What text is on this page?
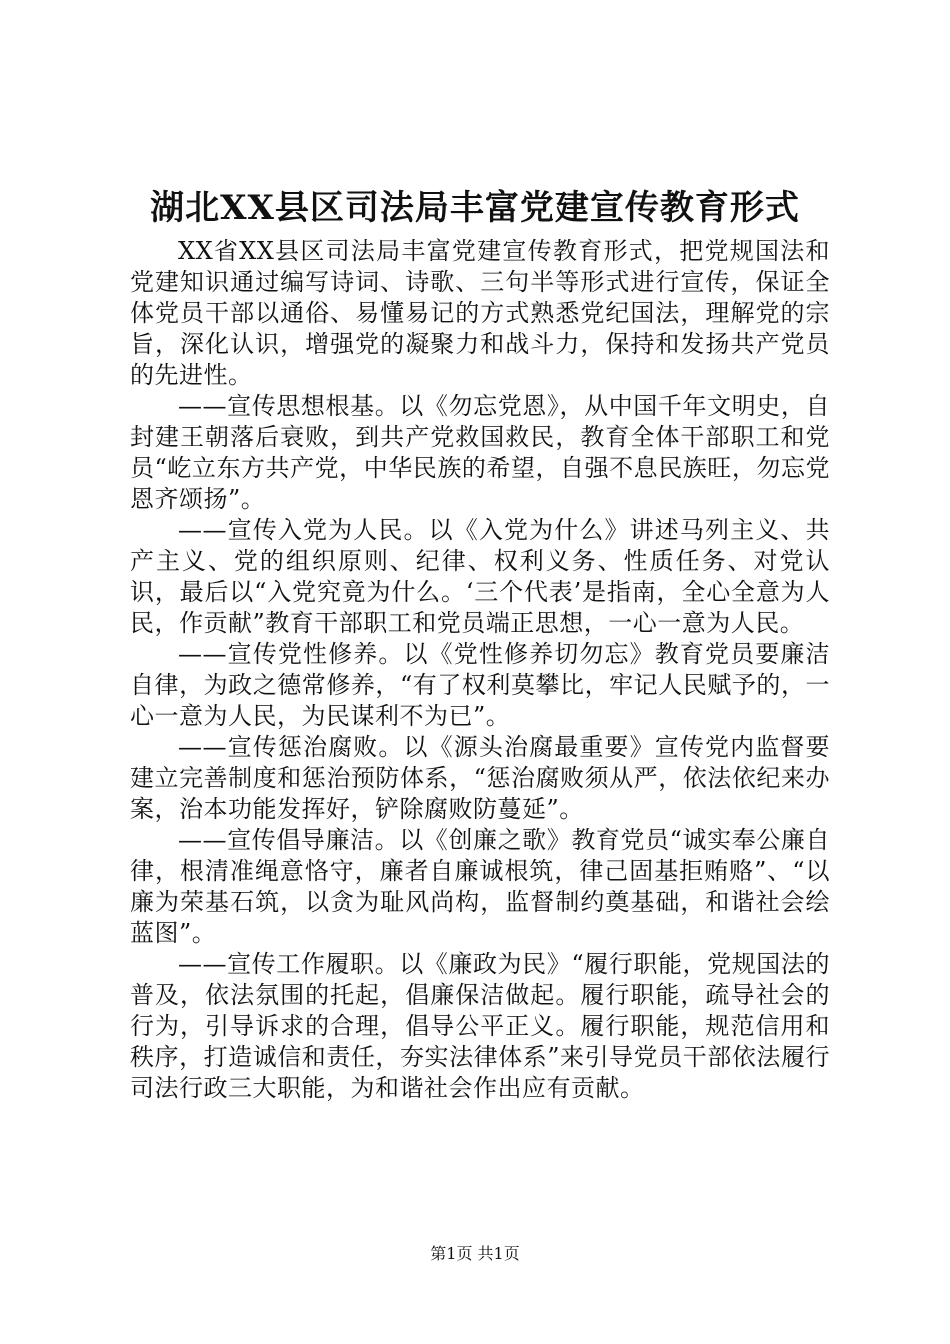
湖北XX县区司法局丰富党建宣传教育形式

XX省XX县区司法局丰富党建宣传教育形式，把党规国法和党建知识通过编写诗词、诗歌、三句半等形式进行宣传，保证全体党员干部以通俗、易懂易记的方式熟悉党纪国法，理解党的宗旨，深化认识，增强党的凝聚力和战斗力，保持和发扬共产党员的先进性。

——宣传思想根基。以《勿忘党恩》，从中国千年文明史，自封建王朝落后衰败，到共产党救国救民，教育全体干部职工和党员“屹立东方共产党，中华民族的希望，自强不息民族旺，勿忘党恩齐颂扬”。

——宣传入党为人民。以《入党为什么》讲述马列主义、共产主义、党的组织原则、纪律、权利义务、性质任务、对党认识，最后以“入党究竟为什么。‘三个代表’是指南，全心全意为人民，作贡献”教育干部职工和党员端正思想，一心一意为人民。

——宣传党性修养。以《党性修养切勿忘》教育党员要廉洁自律，为政之德常修养，“有了权利莫攀比，牢记人民赋予的，一心一意为人民，为民谋利不为已”。

——宣传惩治腐败。以《源头治腐最重要》宣传党内监督要建立完善制度和惩治预防体系，“惩治腐败须从严，依法依纪来办案，治本功能发挥好，铲除腐败防蔓延”。

——宣传倡导廉洁。以《创廉之歌》教育党员“诚实奉公廉自律，根清准绳意恪守，廉者自廉诚根筑，律己固基拒贿赂”、“以廉为荣基石筑，以贪为耻风尚构，监督制约奠基础，和谐社会绘蓝图”。

——宣传工作履职。以《廉政为民》“履行职能，党规国法的普及，依法氛围的托起，倡廉保洁做起。履行职能，疏导社会的行为，引导诉求的合理，倡导公平正义。履行职能，规范信用和秩序，打造诚信和责任，夯实法律体系”来引导党员干部依法履行司法行政三大职能，为和谐社会作出应有贡献。

第1页 共1页
